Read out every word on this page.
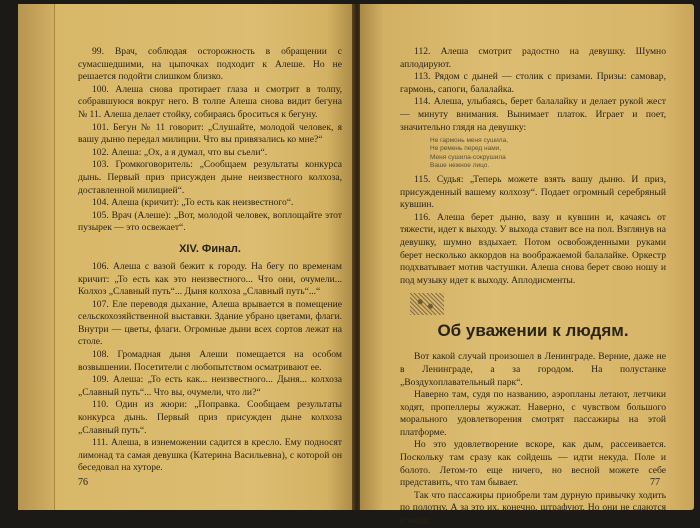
99. Врач, соблюдая осторожность в обращении с сумасшедшими, на цыпочках подходит к Алеше. Но не решается подойти слишком близко.

100. Алеша снова протирает глаза и смотрит в толпу, собравшуюся вокруг него. В толпе Алеша снова видит бегуна № 11. Алеша делает стойку, собираясь броситься к бегуну.

101. Бегун № 11 говорит: „Слушайте, молодой человек, я вашу дыню передал милиции. Что вы привязались ко мне?“

102. Алеша: „Ох, а я думал, что вы съели“.

103. Громкоговоритель: „Сообщаем результаты конкурса дынь. Первый приз присужден дыне неизвестного колхоза, доставленной милицией“.

104. Алеша (кричит): „То есть как неизвестного“.

105. Врач (Алеше): „Вот, молодой человек, воплощайте этот пузырек — это освежает“.

XIV. Финал.

106. Алеша с вазой бежит к городу. На бегу по временам кричит: „То есть как это неизвестного... Что они, очумели... Колхоз „Славный путь“... Дыня колхоза „Славный путь“...“

107. Еле переводя дыхание, Алеша врывается в помещение сельскохозяйственной выставки. Здание убрано цветами, флаги. Внутри — цветы, флаги. Огромные дыни всех сортов лежат на столе.

108. Громадная дыня Алеши помещается на особом возвышении. Посетители с любопытством осматривают ее.

109. Алеша: „То есть как... неизвестного... Дыня... колхоза „Славный путь“... Что вы, очумели, что ли?“

110. Один из жюри: „Поправка. Сообщаем результаты конкурса дынь. Первый приз присужден дыне колхоза „Славный путь“.

111. Алеша, в изнеможении садится в кресло. Ему подносят лимонад та самая девушка (Катерина Васильевна), с которой он беседовал на хуторе.

76

112. Алеша смотрит радостно на девушку. Шумно аплодируют.

113. Рядом с дыней — столик с призами. Призы: самовар, гармонь, сапоги, балалайка.

114. Алеша, улыбаясь, берет балалайку и делает рукой жест — минуту внимания. Вынимает платок. Играет и поет, значительно глядя на девушку:

Не гармонь меня сушила,
Не ремень перед нами,
Меня сушила-сокрушила
Ваше нежное лицо.

115. Судья: „Теперь можете взять вашу дыню. И приз, присужденный вашему колхозу“. Подает огромный серебряный кувшин.

116. Алеша берет дыню, вазу и кувшин и, качаясь от тяжести, идет к выходу. У выхода ставит все на пол. Взглянув на девушку, шумно вздыхает. Потом освобожденными руками берет несколько аккордов на воображаемой балалайке. Оркестр подхватывает мотив частушки. Алеша снова берет свою ношу и под музыку идет к выходу. Аплодисменты.

Об уважении к людям.

Вот какой случай произошел в Ленинграде. Верние, даже не в Ленинграде, а за городом. На полустанке „Воздухоплавательный парк“.

Наверно там, судя по названию, аэропланы летают, летчики ходят, пропеллеры жужжат. Наверно, с чувством большого морального удовлетворения смотрят пассажиры на этой платформе.

Но это удовлетворение вскоре, как дым, рассеивается. Поскольку там сразу как сойдешь — идти некуда. Поле и болото. Летом-то еще ничего, но весной можете себе представить, что там бывает.

Так что пассажиры приобрели там дурную привычку ходить по полотну. А за это их, конечно, штрафуют. Но они не сдаются и ходят.

77
